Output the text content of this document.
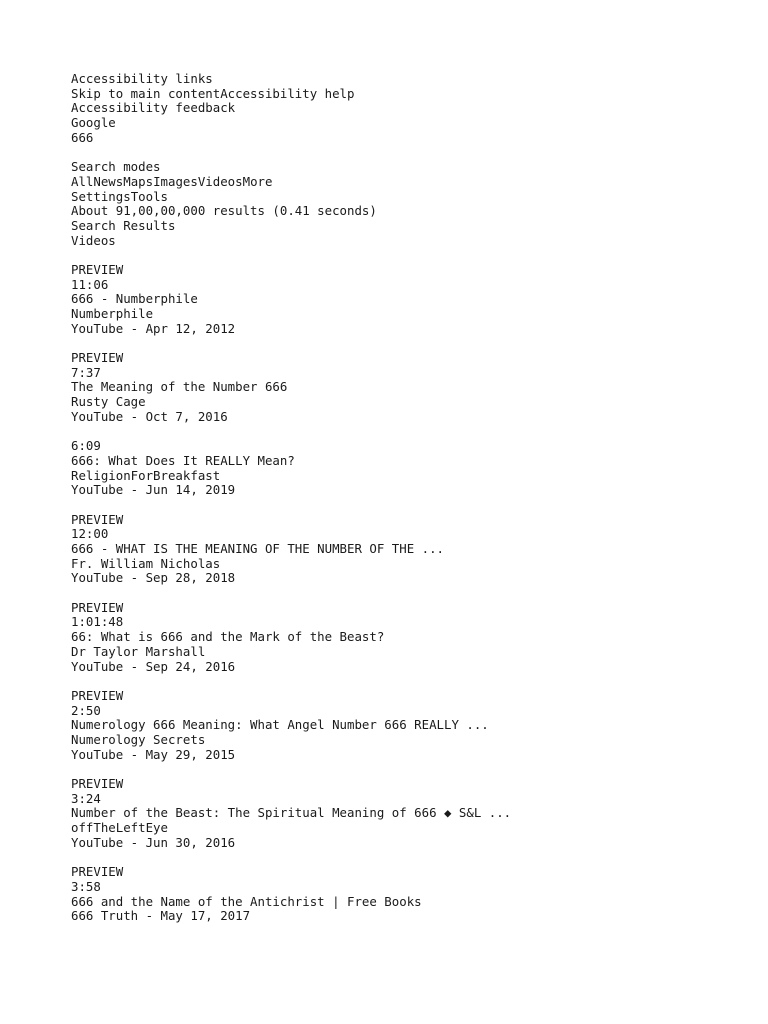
Accessibility links
Skip to main contentAccessibility help
Accessibility feedback
Google
666
Search modes
AllNewsMapsImagesVideosMore
SettingsTools
About 91,00,00,000 results (0.41 seconds)
Search Results
Videos
PREVIEW
11:06
666 - Numberphile
Numberphile
YouTube - Apr 12, 2012
PREVIEW
7:37
The Meaning of the Number 666
Rusty Cage
YouTube - Oct 7, 2016
6:09
666: What Does It REALLY Mean?
ReligionForBreakfast
YouTube - Jun 14, 2019
PREVIEW
12:00
666 - WHAT IS THE MEANING OF THE NUMBER OF THE ...
Fr. William Nicholas
YouTube - Sep 28, 2018
PREVIEW
1:01:48
66: What is 666 and the Mark of the Beast?
Dr Taylor Marshall
YouTube - Sep 24, 2016
PREVIEW
2:50
Numerology 666 Meaning: What Angel Number 666 REALLY ...
Numerology Secrets
YouTube - May 29, 2015
PREVIEW
3:24
Number of the Beast: The Spiritual Meaning of 666 ◆ S&L ...
offTheLeftEye
YouTube - Jun 30, 2016
PREVIEW
3:58
666 and the Name of the Antichrist | Free Books
666 Truth - May 17, 2017
